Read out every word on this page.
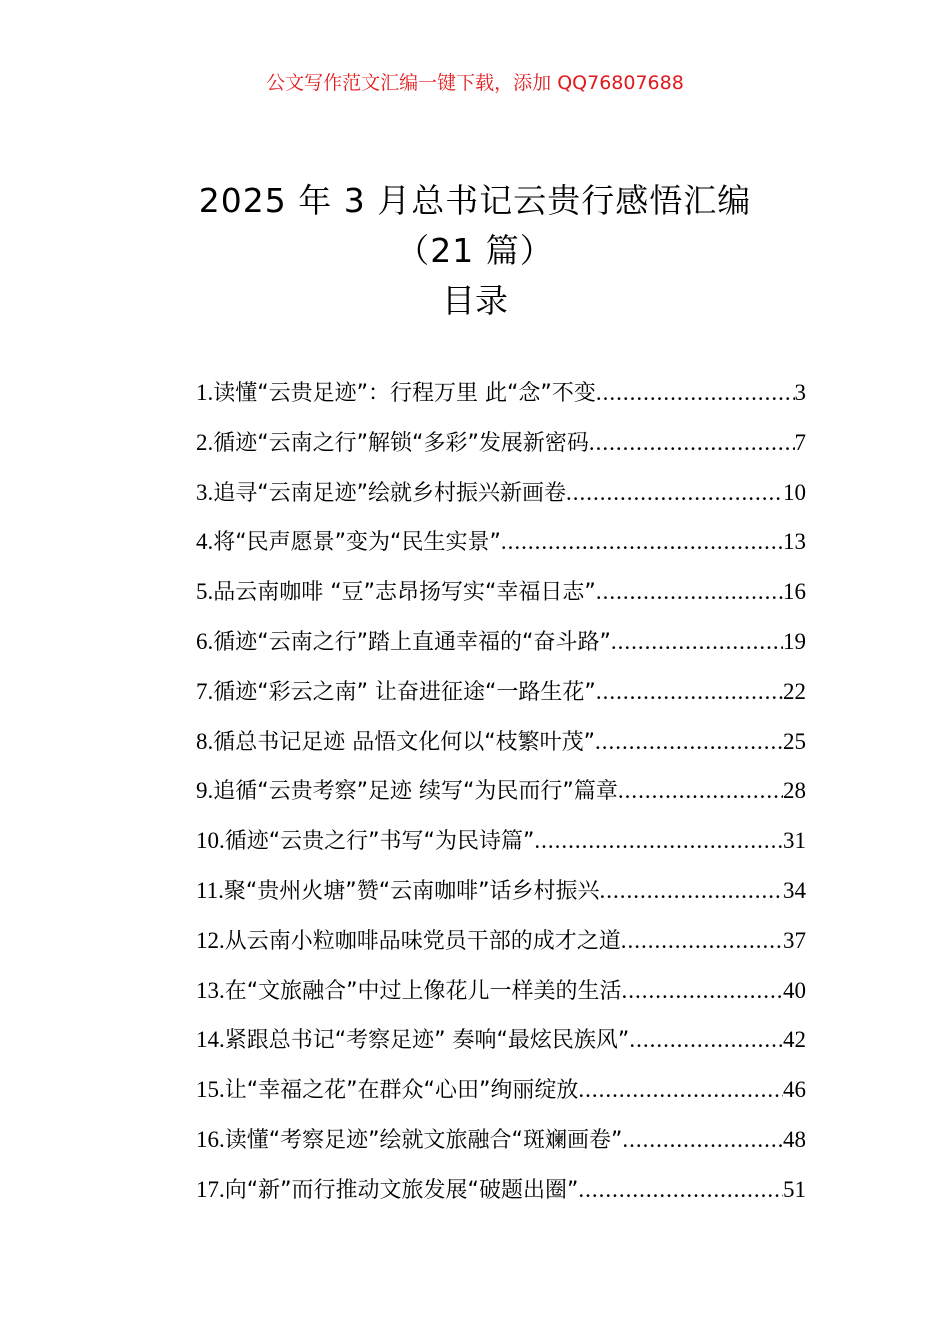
公文写作范文汇编一键下载，添加 QQ76807688
2025 年 3 月总书记云贵行感悟汇编
（21 篇）
目录
1. 读懂“云贵足迹”：行程万里 此“念”不变 .....	3
2. 循迹“云南之行”解锁“多彩”发展新密码 .....	7
3. 追寻“云南足迹”绘就乡村振兴新画卷 .....	10
4. 将“民声愿景”变为“民生实景” .....	13
5. 品云南咖啡 “豆”志昂扬写实“幸福日志” .....	16
6. 循迹“云南之行”踏上直通幸福的“奋斗路” .....	19
7. 循迹“彩云之南” 让奋进征途“一路生花” .....	22
8. 循总书记足迹 品悟文化何以“枝繁叶茂” .....	25
9. 追循“云贵考察”足迹 续写“为民而行”篇章 .....	28
10. 循迹“云贵之行”书写“为民诗篇” .....	31
11. 聚“贵州火塘”赞“云南咖啡”话乡村振兴 .....	34
12. 从云南小粒咖啡品味党员干部的成才之道 .....	37
13. 在“文旅融合”中过上像花儿一样美的生活 .....	40
14. 紧跟总书记“考察足迹” 奏响“最炫民族风” .....	42
15. 让“幸福之花”在群众“心田”绚丽绽放 .....	46
16. 读懂“考察足迹”绘就文旅融合“斑斓画卷” .....	48
17. 向“新”而行推动文旅发展“破题出圈” .....	51
